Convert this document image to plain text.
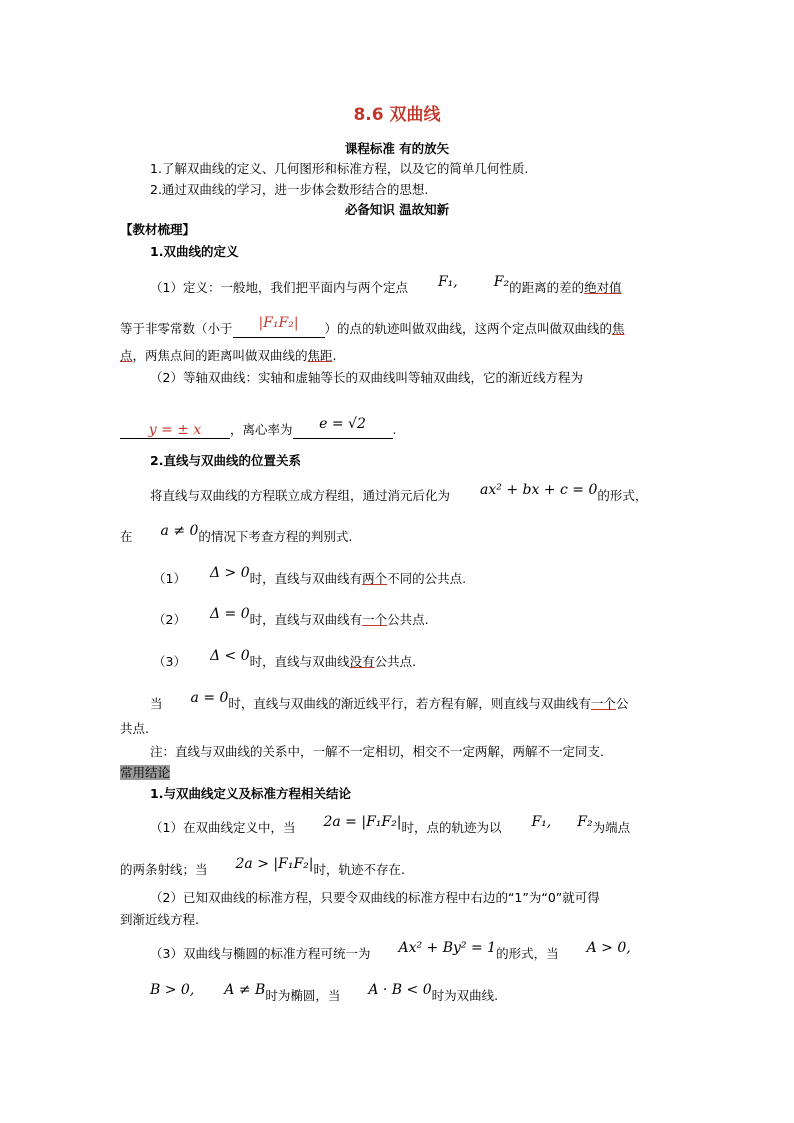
8.6 双曲线
课程标准 有的放矢
1.了解双曲线的定义、几何图形和标准方程，以及它的简单几何性质.
2.通过双曲线的学习，进一步体会数形结合的思想.
必备知识 温故知新
【教材梳理】
1.双曲线的定义
（1）定义：一般地，我们把平面内与两个定点 F₁,	F₂的距离的差的绝对值
等于非零常数（小于 |F₁F₂| ）的点的轨迹叫做双曲线，这两个定点叫做双曲线的焦
点，两焦点间的距离叫做双曲线的焦距.
（2）等轴双曲线：实轴和虚轴等长的双曲线叫等轴双曲线，它的渐近线方程为
y = ± x ，离心率为 e = √2 .
2.直线与双曲线的位置关系
将直线与双曲线的方程联立成方程组，通过消元后化为 ax² + bx + c = 0的形式，
在 a ≠ 0的情况下考查方程的判别式.
（1） Δ > 0时，直线与双曲线有两个不同的公共点.
（2） Δ = 0时，直线与双曲线有一个公共点.
（3） Δ < 0时，直线与双曲线没有公共点.
当 a = 0时，直线与双曲线的渐近线平行，若方程有解，则直线与双曲线有一个公
共点.
注：直线与双曲线的关系中，一解不一定相切，相交不一定两解，两解不一定同支.
常用结论
1.与双曲线定义及标准方程相关结论
（1）在双曲线定义中，当 2a = |F₁F₂|时，点的轨迹为以 F₁, F₂为端点
的两条射线；当 2a > |F₁F₂|时，轨迹不存在.
（2）已知双曲线的标准方程，只要令双曲线的标准方程中右边的“1”为“0”就可得
到渐近线方程.
（3）双曲线与椭圆的标准方程可统一为 Ax² + By² = 1的形式，当 A > 0,
B > 0, A ≠ B时为椭圆，当 A · B < 0时为双曲线.
